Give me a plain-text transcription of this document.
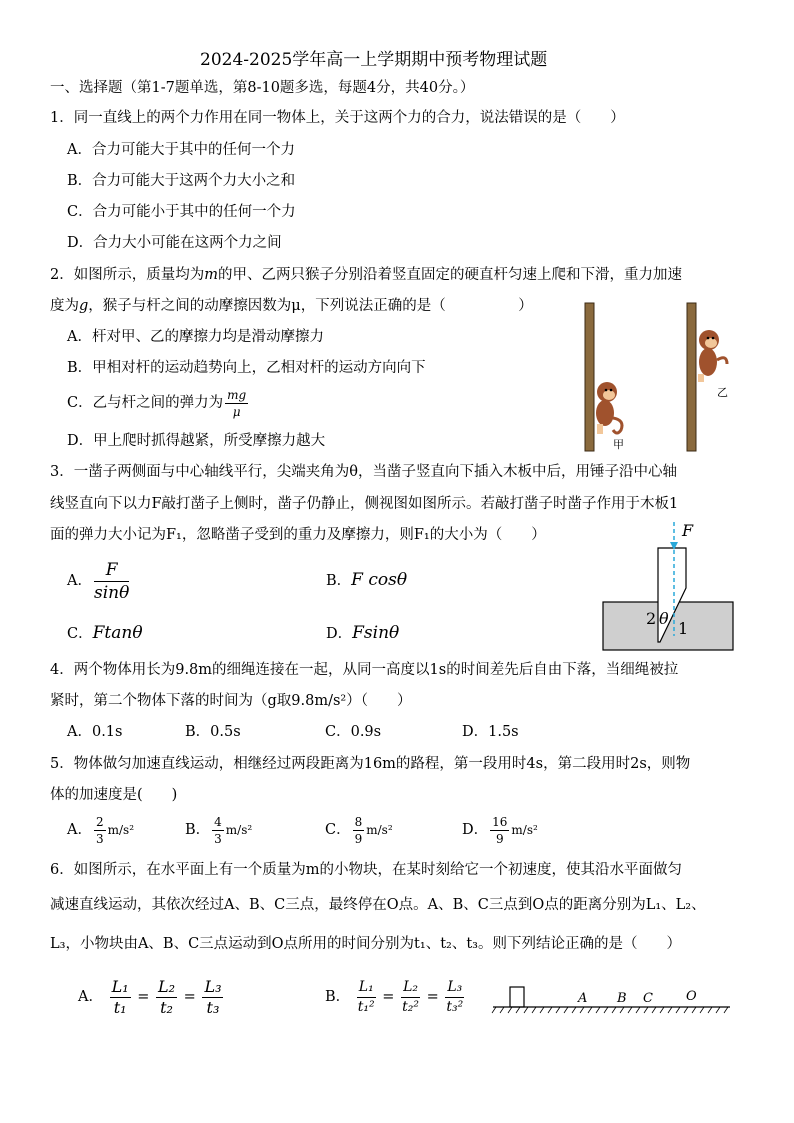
2024-2025学年高一上学期期中预考物理试题
一、选择题（第1-7题单选，第8-10题多选，每题4分，共40分。）
1．同一直线上的两个力作用在同一物体上，关于这两个力的合力，说法错误的是（　　）
A．合力可能大于其中的任何一个力
B．合力可能大于这两个力大小之和
C．合力可能小于其中的任何一个力
D．合力大小可能在这两个力之间
2．如图所示，质量均为m的甲、乙两只猴子分别沿着竖直固定的硬直杆匀速上爬和下滑，重力加速
度为g，猴子与杆之间的动摩擦因数为μ，下列说法正确的是（　　　　　）
A．杆对甲、乙的摩擦力均是滑动摩擦力
B．甲相对杆的运动趋势向上，乙相对杆的运动方向向下
C．乙与杆之间的弹力为 $\frac{mg}{\mu}$
D．甲上爬时抓得越紧，所受摩擦力越大	甲
乙
3．一凿子两侧面与中心轴线平行，尖端夹角为θ，当凿子竖直向下插入木板中后，用锤子沿中心轴
线竖直向下以力F敲打凿子上侧时，凿子仍静止，侧视图如图所示。若敲打凿子时凿子作用于木板1
面的弹力大小记为F₁，忽略凿子受到的重力及摩擦力，则F₁的大小为（　　）
A． $\frac{F}{\sin\theta}$	B．F cosθ
C．Ftanθ	D．Fsinθ
F
θ
2
1
4．两个物体用长为9.8m的细绳连接在一起，从同一高度以1s的时间差先后自由下落，当细绳被拉
紧时，第二个物体下落的时间为（g取9.8m/s²）（　　）
A．0.1s	B．0.5s	C．0.9s	D．1.5s
5．物体做匀加速直线运动，相继经过两段距离为16m的路程，第一段用时4s，第二段用时2s，则物
体的加速度是(　　)
A． $\frac{2}{3} m/s^2$	B． $\frac{4}{3} m/s^2$	C． $\frac{8}{9} m/s^2$	D． $\frac{16}{9} m/s^2$
6．如图所示，在水平面上有一个质量为m的小物块，在某时刻给它一个初速度，使其沿水平面做匀
减速直线运动，其依次经过A、B、C三点，最终停在O点。A、B、C三点到O点的距离分别为L₁、L₂、
L₃，小物块由A、B、C三点运动到O点所用的时间分别为t₁、t₂、t₃。则下列结论正确的是（　　）
A． $\frac{\text{L₁}}{\text{t₁}} = \frac{\text{L₂}}{\text{t₂}} = \frac{\text{L₃}}{\text{t₃}}$	B． $\frac{\text{L₁}}{\text{t₁²}} = \frac{\text{L₂}}{\text{t₂²}} = \frac{\text{L₃}}{\text{t₃²}}$	A B C	O
